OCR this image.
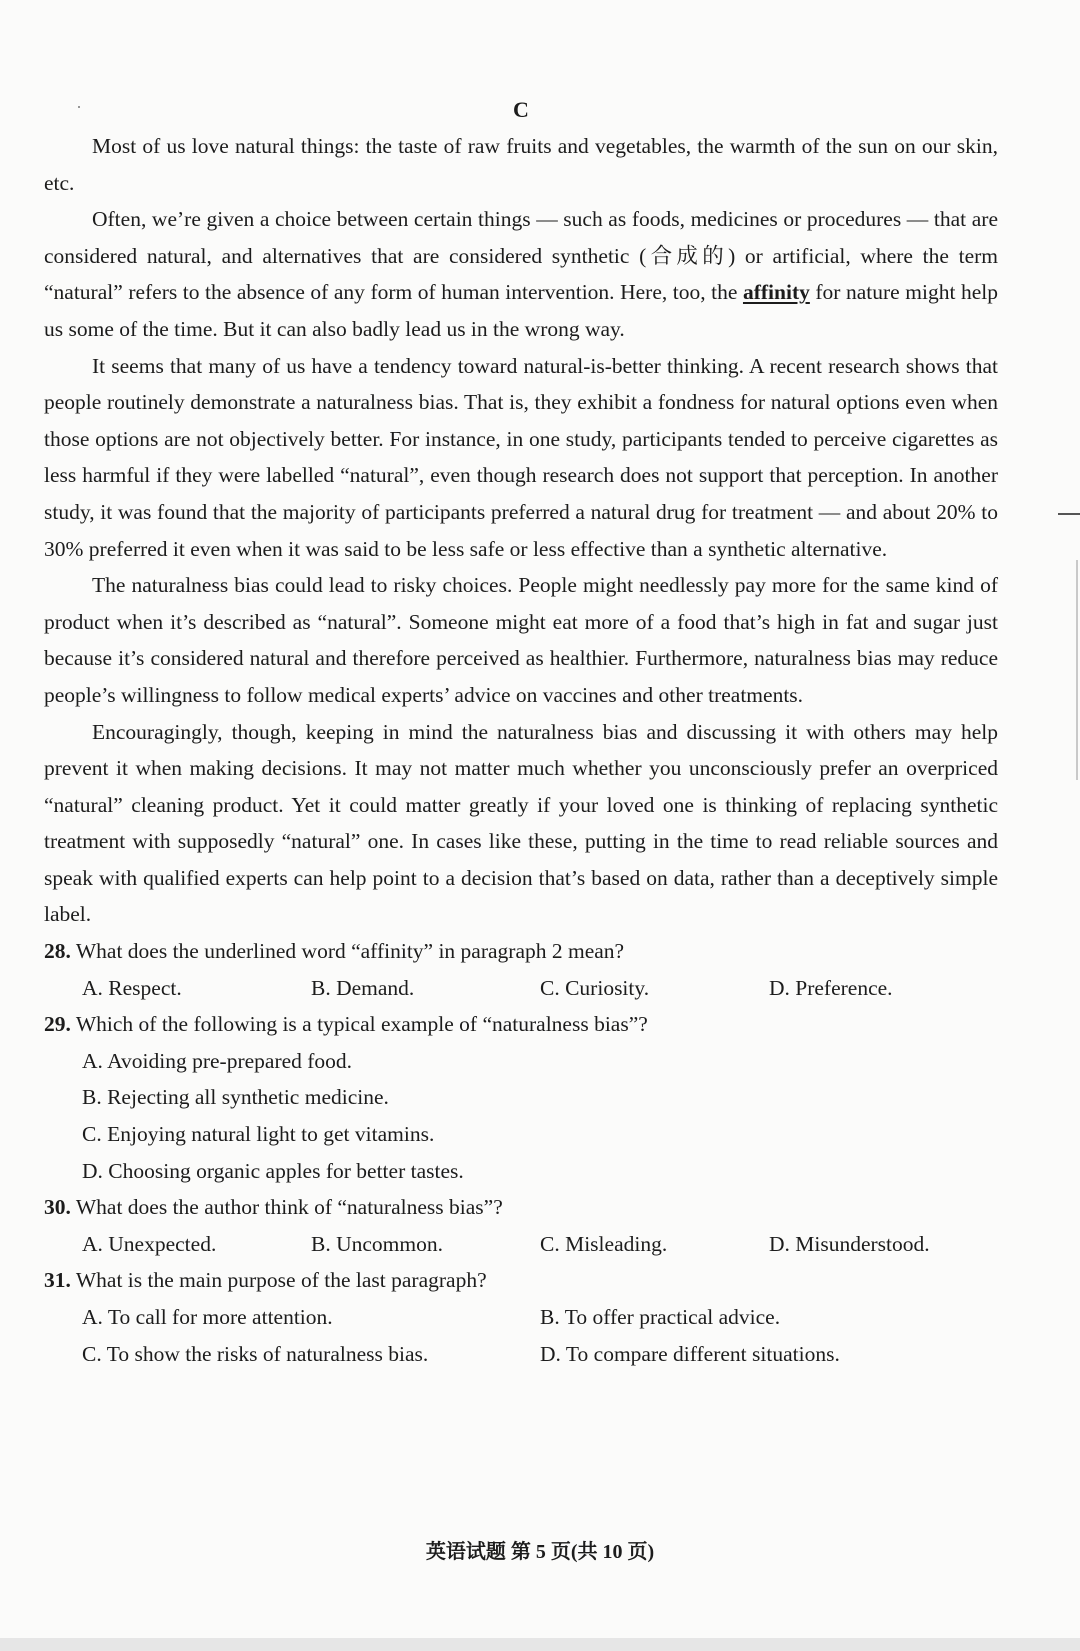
C

Most of us love natural things: the taste of raw fruits and vegetables, the warmth of the sun on our skin, etc.

Often, we’re given a choice between certain things — such as foods, medicines or procedures — that are considered natural, and alternatives that are considered synthetic (合成的) or artificial, where the term “natural” refers to the absence of any form of human intervention. Here, too, the affinity for nature might help us some of the time. But it can also badly lead us in the wrong way.

It seems that many of us have a tendency toward natural-is-better thinking. A recent research shows that people routinely demonstrate a naturalness bias. That is, they exhibit a fondness for natural options even when those options are not objectively better. For instance, in one study, participants tended to perceive cigarettes as less harmful if they were labelled “natural”, even though research does not support that perception. In another study, it was found that the majority of participants preferred a natural drug for treatment — and about 20% to 30% preferred it even when it was said to be less safe or less effective than a synthetic alternative.

The naturalness bias could lead to risky choices. People might needlessly pay more for the same kind of product when it’s described as “natural”. Someone might eat more of a food that’s high in fat and sugar just because it’s considered natural and therefore perceived as healthier. Furthermore, naturalness bias may reduce people’s willingness to follow medical experts’ advice on vaccines and other treatments.

Encouragingly, though, keeping in mind the naturalness bias and discussing it with others may help prevent it when making decisions. It may not matter much whether you unconsciously prefer an overpriced “natural” cleaning product. Yet it could matter greatly if your loved one is thinking of replacing synthetic treatment with supposedly “natural” one. In cases like these, putting in the time to read reliable sources and speak with qualified experts can help point to a decision that’s based on data, rather than a deceptively simple label.

28. What does the underlined word “affinity” in paragraph 2 mean?

A. Respect.	B. Demand.	C. Curiosity.	D. Preference.

29. Which of the following is a typical example of “naturalness bias”?

A. Avoiding pre-prepared food.

B. Rejecting all synthetic medicine.

C. Enjoying natural light to get vitamins.

D. Choosing organic apples for better tastes.

30. What does the author think of “naturalness bias”?

A. Unexpected.	B. Uncommon.	C. Misleading.	D. Misunderstood.

31. What is the main purpose of the last paragraph?

A. To call for more attention.	B. To offer practical advice.
C. To show the risks of naturalness bias.	D. To compare different situations.
英语试题 第 5 页(共 10 页)
